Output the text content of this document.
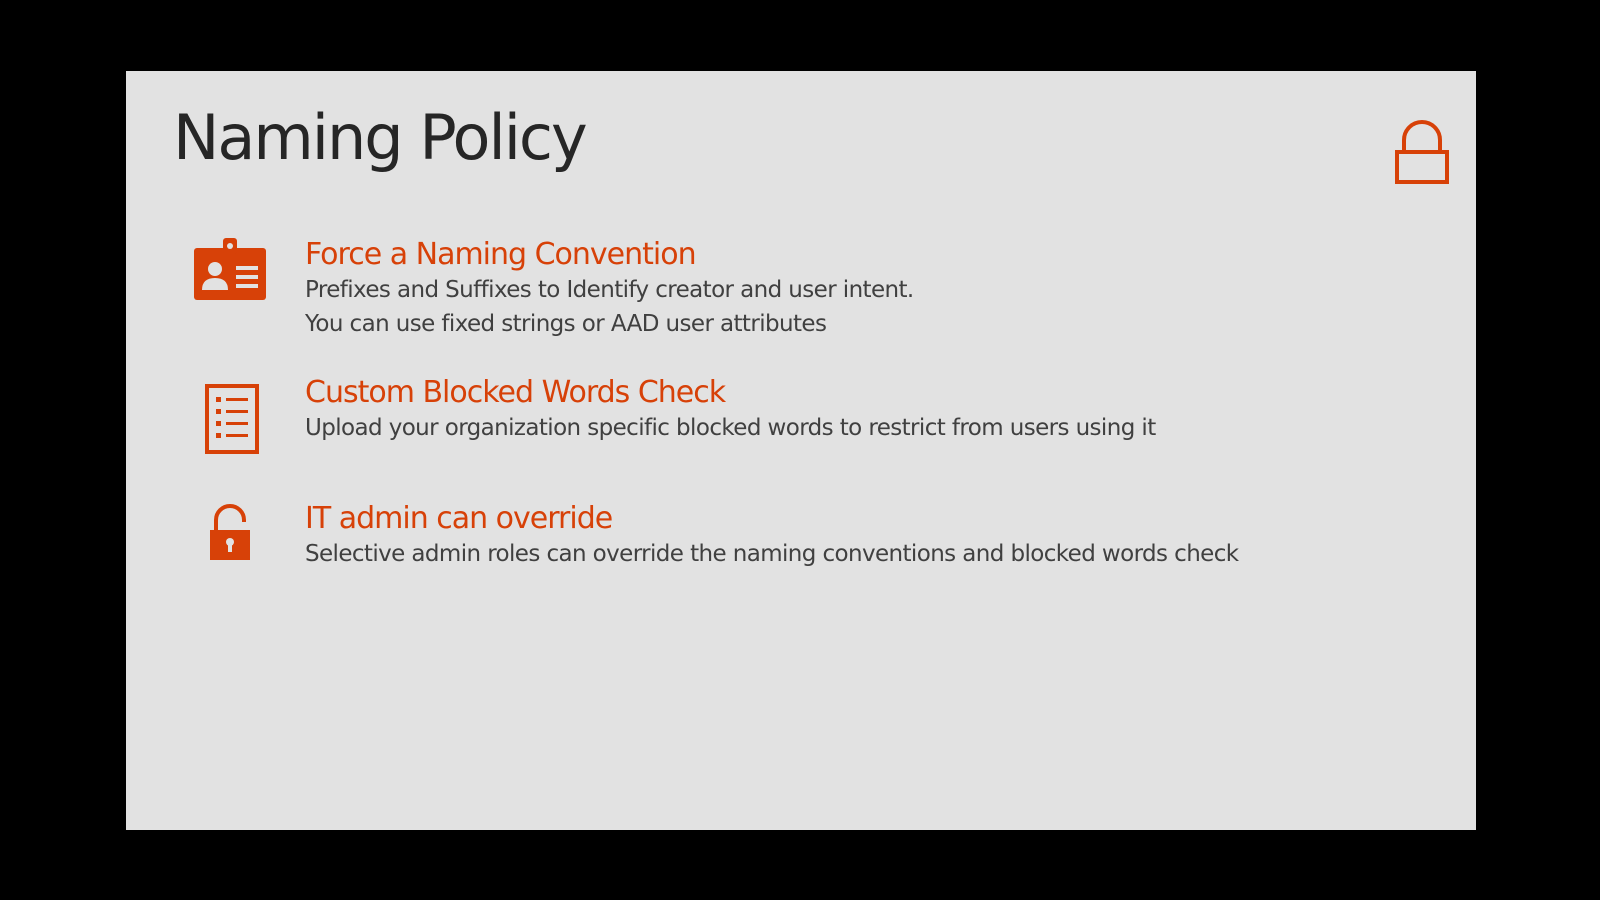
Naming Policy
Force a Naming Convention
Prefixes and Suffixes to Identify creator and user intent.
You can use fixed strings or AAD user attributes
Custom Blocked Words Check
Upload your organization specific blocked words to restrict from users using it
IT admin can override
Selective admin roles can override the naming conventions and blocked words check
